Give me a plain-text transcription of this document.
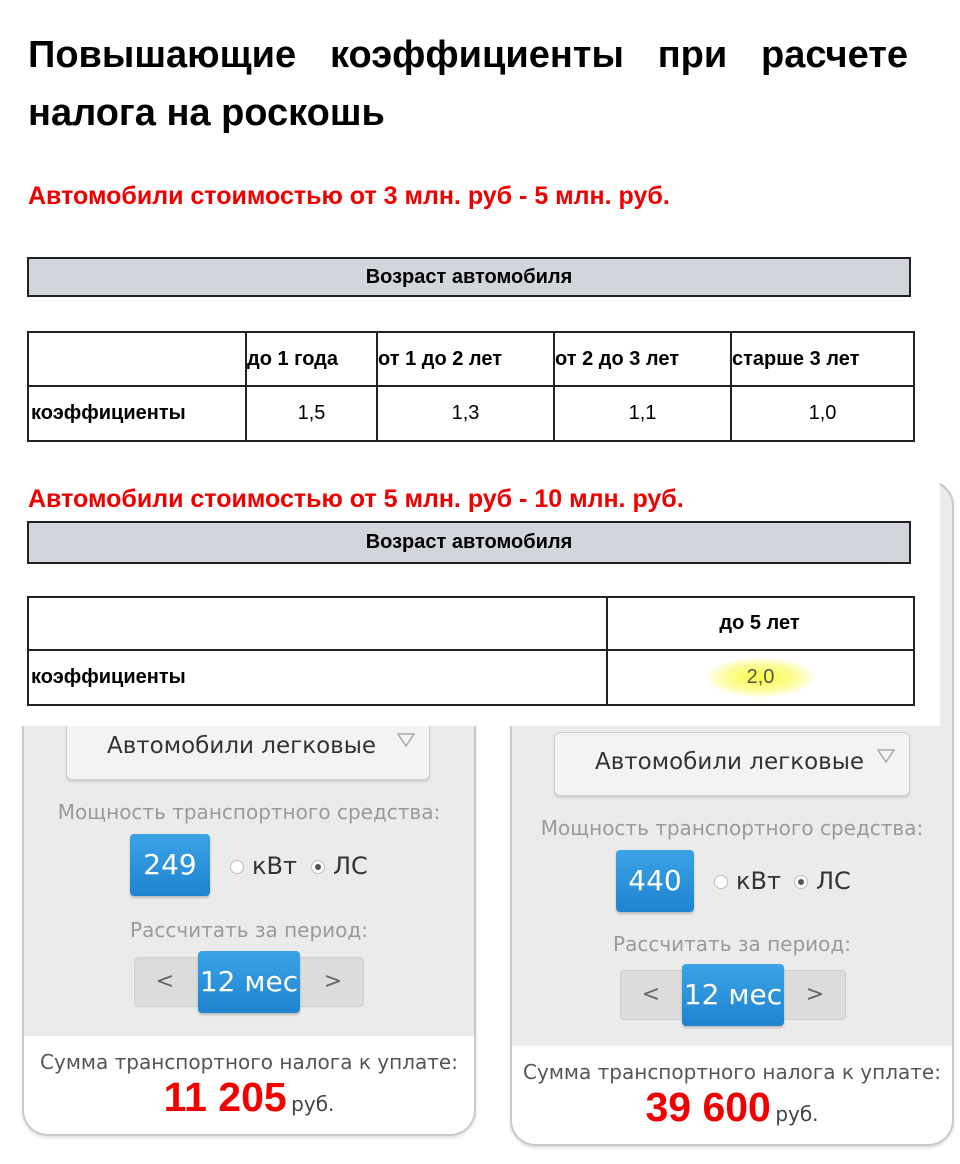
Автомобили легковые
Мощность транспортного средства:
249	кВт ЛС
Рассчитать за период:
<	>
12 мес
Сумма транспортного налога к уплате:
11 205 руб.
Автомобили легковые
Мощность транспортного средства:
440	кВт ЛС
Рассчитать за период:
<	>
12 мес
Сумма транспортного налога к уплате:
39 600 руб.
Повышающие коэффициенты при расчете налога на роскошь
Автомобили стоимостью от 3 млн. руб - 5 млн. руб.
Возраст автомобиля
	до 1 года	от 1 до 2 лет	от 2 до 3 лет	старше 3 лет
коэффициенты	1,5	1,3	1,1	1,0
Автомобили стоимостью от 5 млн. руб - 10 млн. руб.
Возраст автомобиля
	до 5 лет
коэффициенты	2,0
